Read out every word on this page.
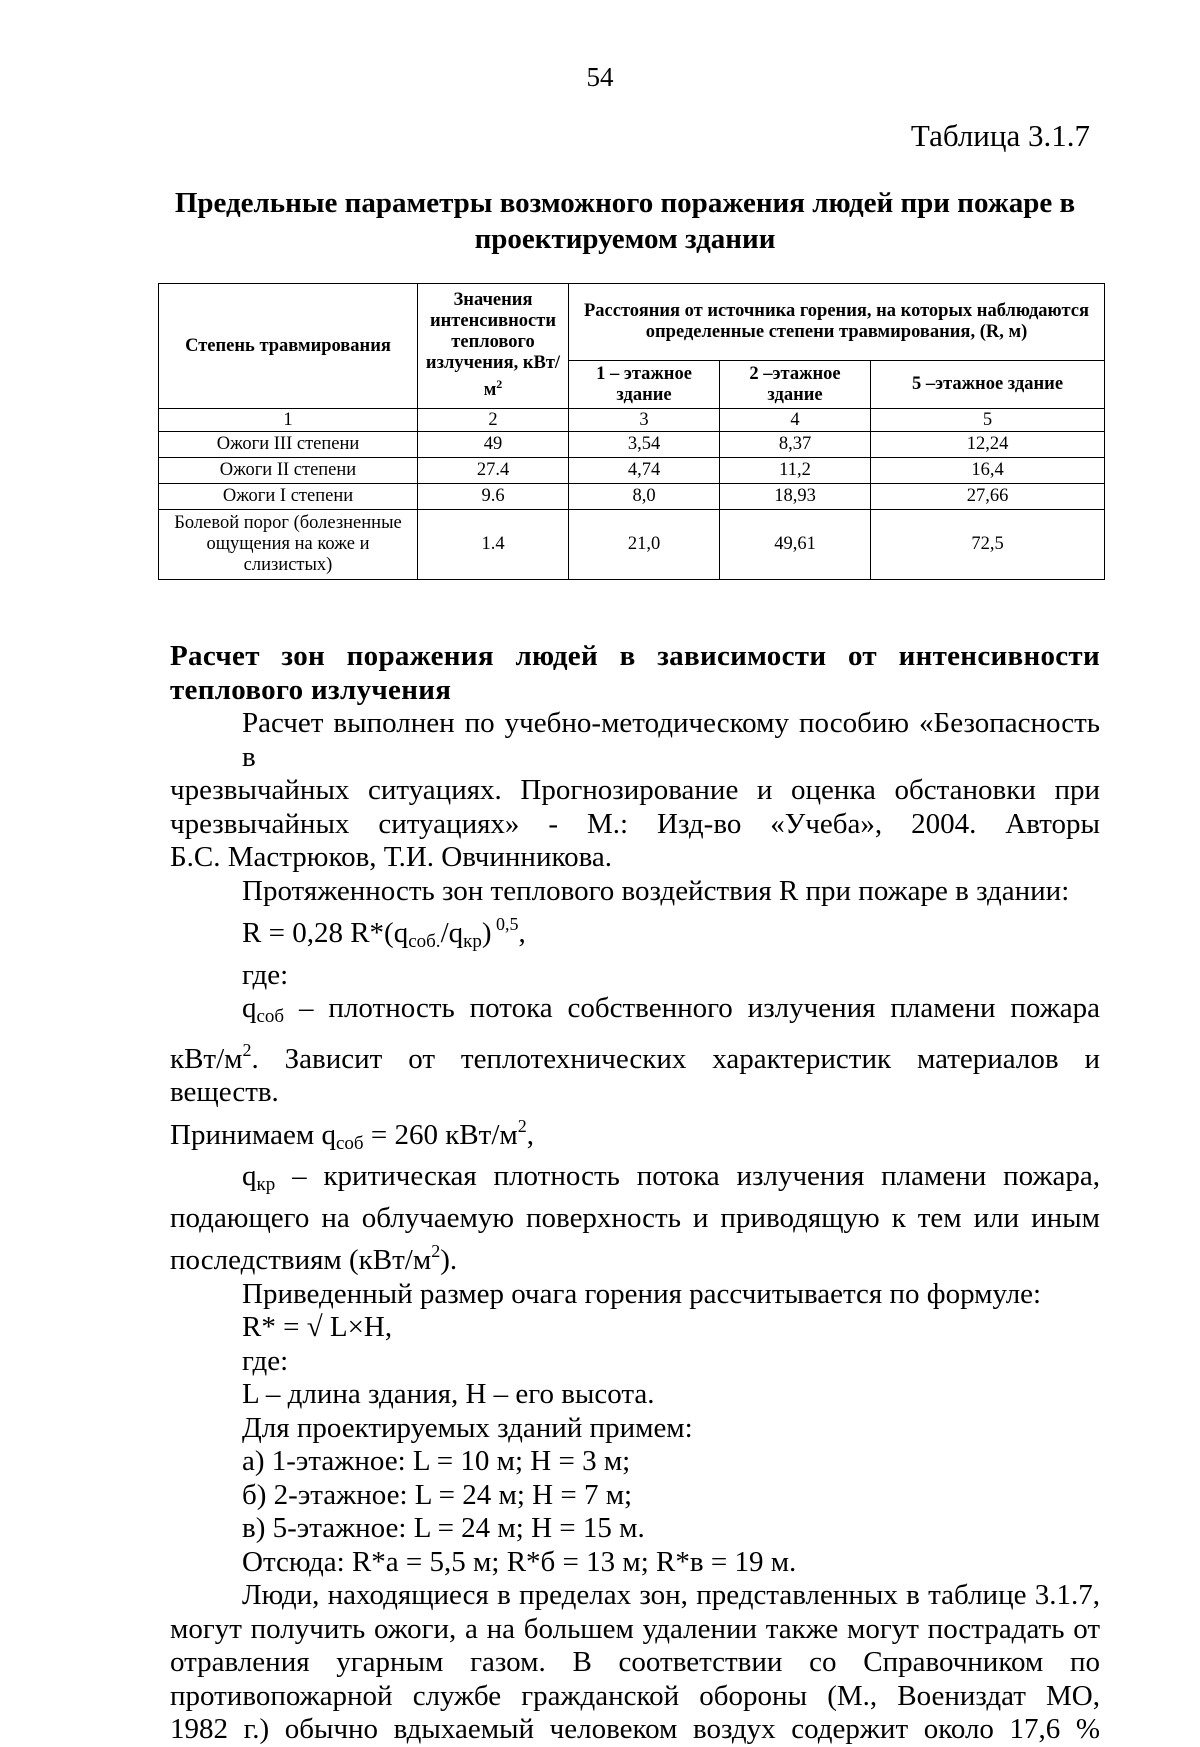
54
Таблица 3.1.7
Предельные параметры возможного поражения людей при пожаре в проектируемом здании
Степень травмирования	Значения интенсивности теплового излучения, кВт/$м^2$	Расстояния от источника горения, на которых наблюдаются определенные степени травмирования, (R, м)		
		1 – этажное здание	2 –этажное здание	5 –этажное здание
1	2	3	4	5
Ожоги III степени	49	3,54	8,37	12,24
Ожоги II степени	27.4	4,74	11,2	16,4
Ожоги I степени	9.6	8,0	18,93	27,66
Болевой порог (болезненные ощущения на коже и слизистых)	1.4	21,0	49,61	72,5

Расчет зон поражения людей в зависимости от интенсивности

теплового излучения

Расчет выполнен по учебно-методическому пособию «Безопасность в

чрезвычайных ситуациях. Прогнозирование и оценка обстановки при

чрезвычайных ситуациях» - М.: Изд-во «Учеба», 2004. Авторы

Б.С. Мастрюков, Т.И. Овчинникова.

Протяженность зон теплового воздействия R при пожаре в здании:

R = 0,28 $R*(q_{соб.}/q_{кр})$ $^{0,5}$,

где:

$q_{соб}$ – плотность потока собственного излучения пламени пожара

кВт/$м^2$. Зависит от теплотехнических характеристик материалов и веществ.

Принимаем $q_{соб} = 260$ кВт/$м^2$,

$q_{кр}$ – критическая плотность потока излучения пламени пожара,

подающего на облучаемую поверхность и приводящую к тем или иным

последствиям $(кВт/м^2)$.

Приведенный размер очага горения рассчитывается по формуле:

R* = √ L×H,

где:

L – длина здания, H – его высота.

Для проектируемых зданий примем:

а) 1-этажное: L = 10 м; H = 3 м;

б) 2-этажное: L = 24 м; H = 7 м;

в) 5-этажное: L = 24 м; H = 15 м.

Отсюда: R*а = 5,5 м; R*б = 13 м; R*в = 19 м.

Люди, находящиеся в пределах зон, представленных в таблице 3.1.7,

могут получить ожоги, а на большем удалении также могут пострадать от

отравления угарным газом. В соответствии со Справочником по

противопожарной службе гражданской обороны (М., Воениздат МО,

1982 г.) обычно вдыхаемый человеком воздух содержит около 17,6 %
